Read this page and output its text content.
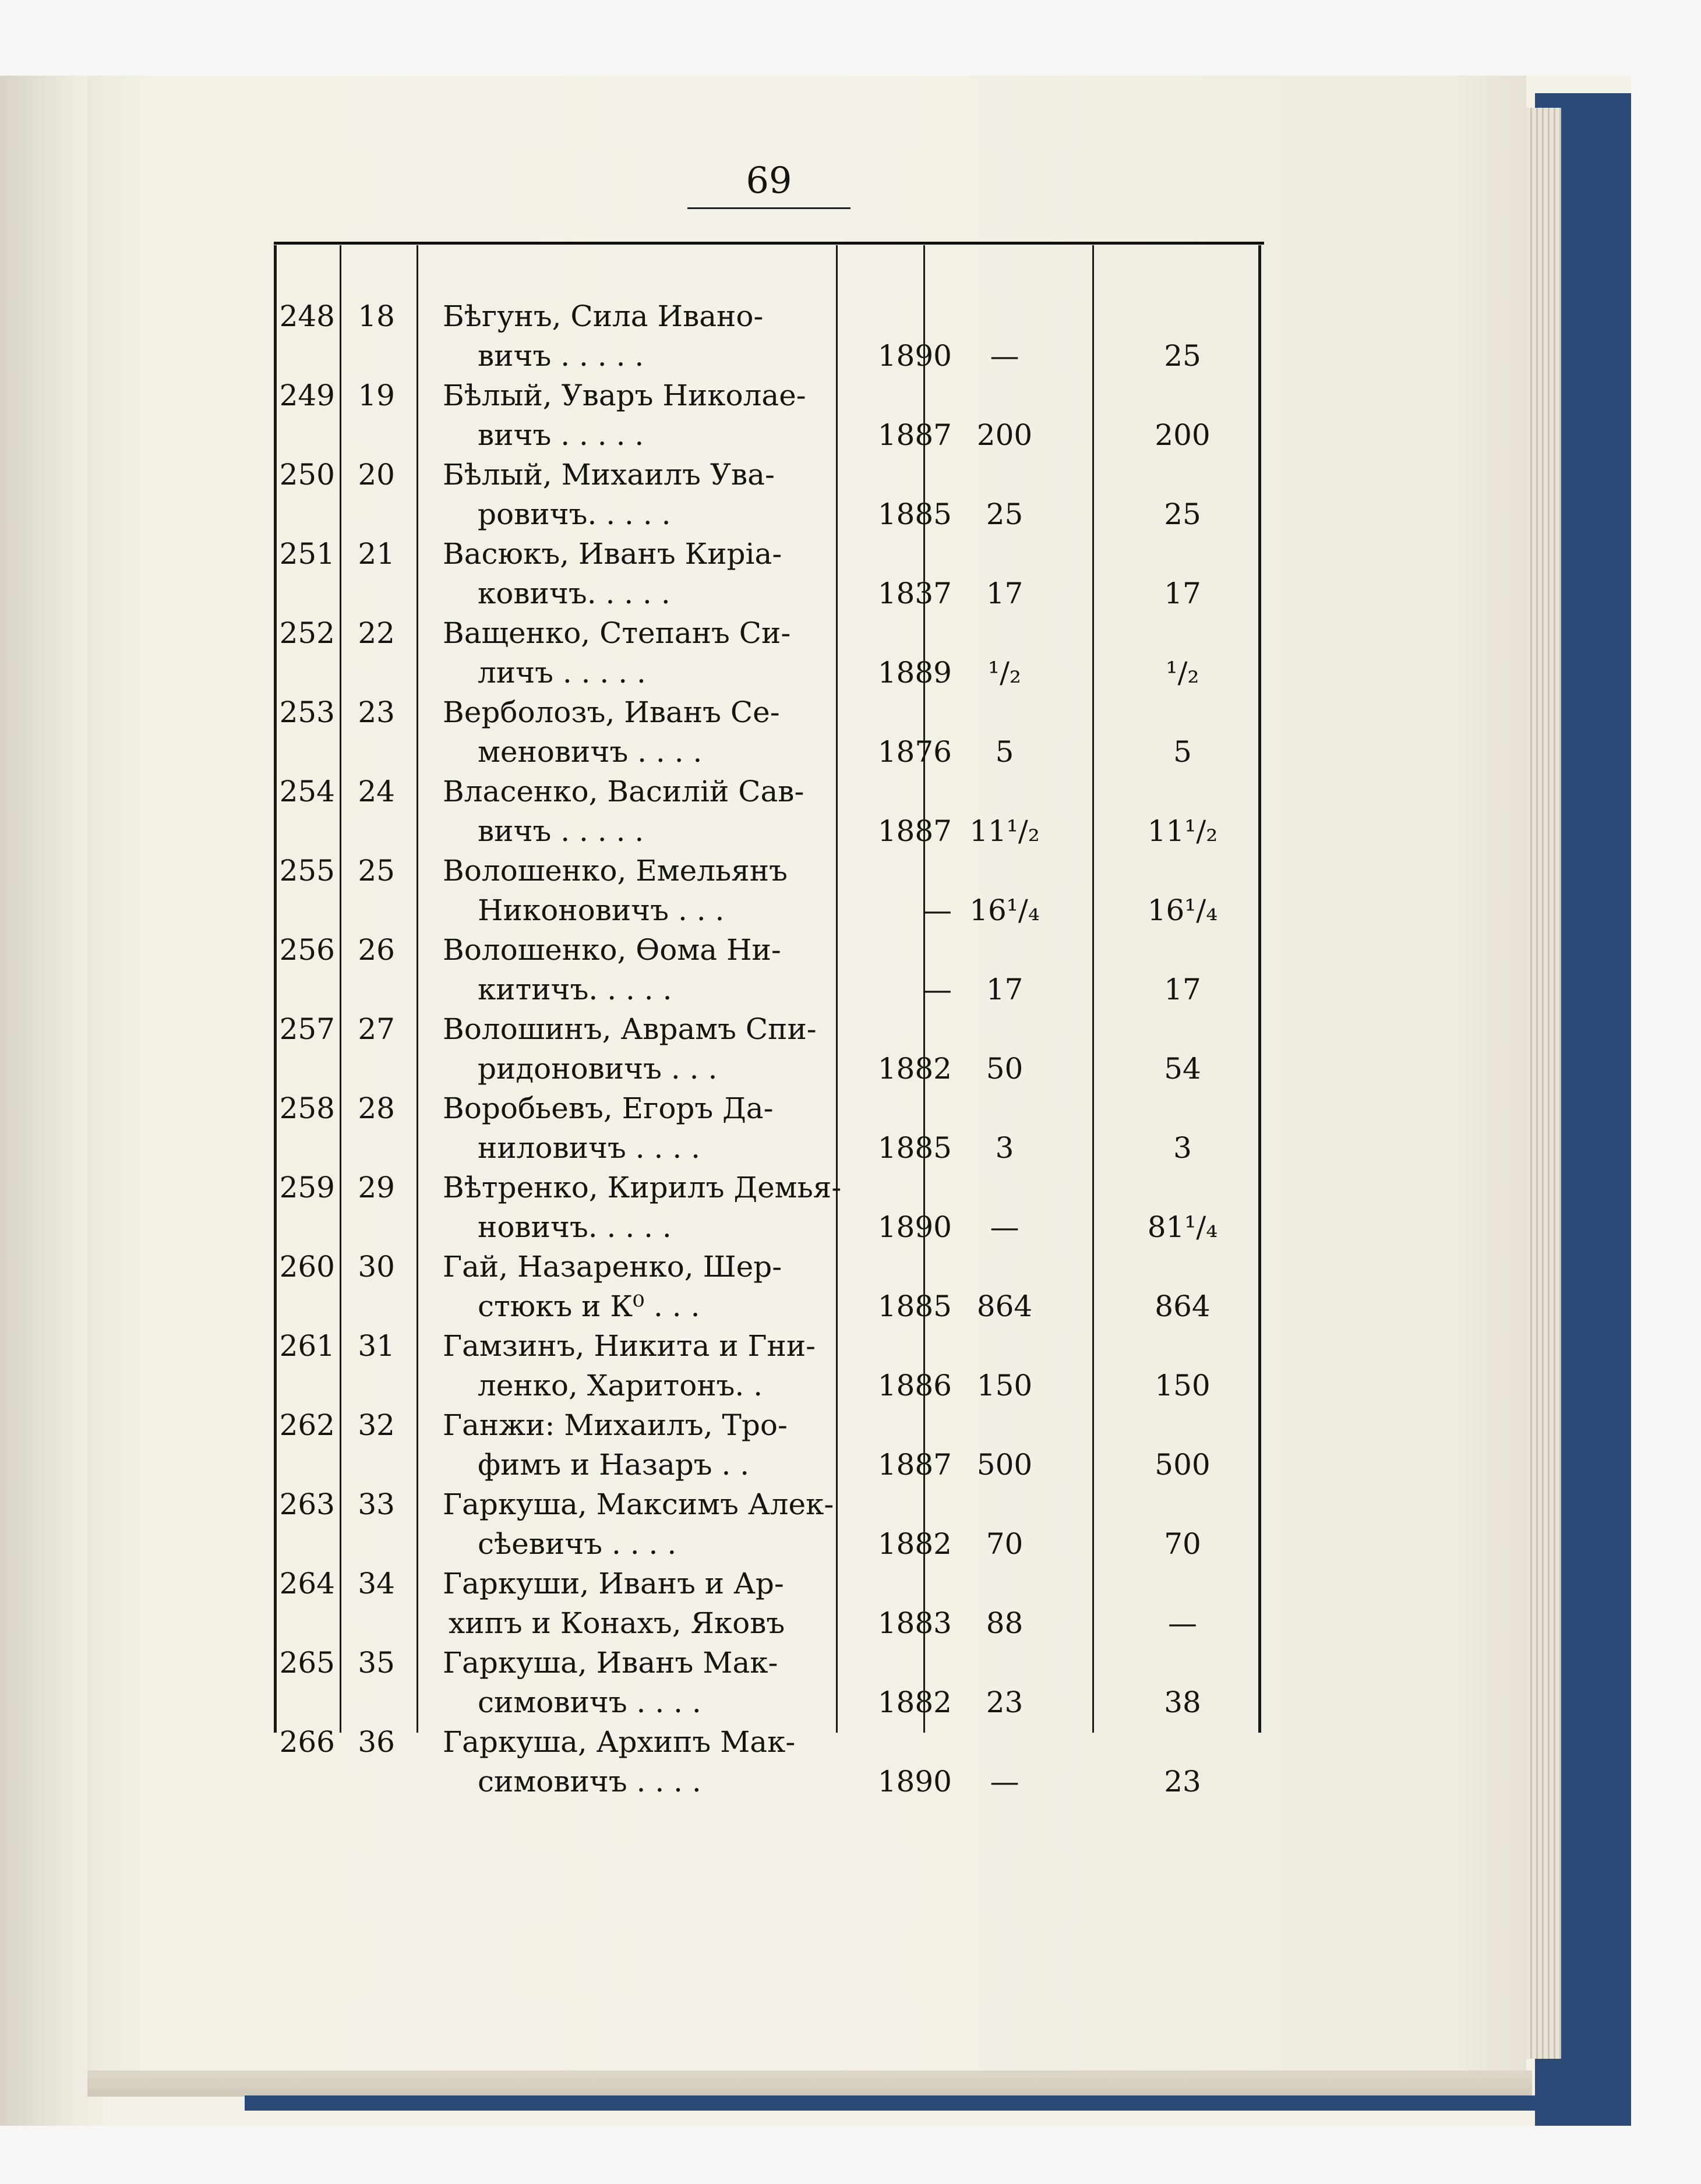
69
248 18 Бѣгунъ, Сила Ивано-
вичъ . . . . .	1890	—	25
249 19 Бѣлый, Уваръ Николае-
вичъ . . . . .	1887 200	200
250 20 Бѣлый, Михаилъ Ува-
ровичъ. . . . .	1885	25	25
251 21 Васюкъ, Иванъ Киріа-
ковичъ. . . . .	1837	17	17
252 22 Ващенко, Степанъ Си-
личъ . . . . .	1889	¹/₂	¹/₂
253 23 Верболозъ, Иванъ Се-
меновичъ . . . .	1876	5	5
254 24 Власенко, Василій Сав-
вичъ . . . . .	1887 11¹/₂	11¹/₂
255 25 Волошенко, Емельянъ
Никоновичъ . . .	— 16¹/₄	16¹/₄
256 26 Волошенко, Ѳома Ни-
китичъ. . . . .	—	17	17
257 27 Волошинъ, Аврамъ Спи-
ридоновичъ . . .	1882	50	54
258 28 Воробьевъ, Егоръ Да-
ниловичъ . . . .	1885	3	3
259 29 Вѣтренко, Кирилъ Демья-
новичъ. . . . .	1890	—	81¹/₄
260 30 Гай, Назаренко, Шер-
стюкъ и К⁰ . . .	1885 864	864
261 31 Гамзинъ, Никита и Гни-
ленко, Харитонъ. .	1886 150	150
262 32 Ганжи: Михаилъ, Тро-
фимъ и Назаръ . .	1887 500	500
263 33 Гаркуша, Максимъ Алек-
сѣевичъ . . . .	1882	70	70
264 34 Гаркуши, Иванъ и Ар-
хипъ и Конахъ, Яковъ	1883	88	—
265 35 Гаркуша, Иванъ Мак-
симовичъ . . . .	1882	23	38
266 36 Гаркуша, Архипъ Мак-
симовичъ . . . .	1890	—	23
